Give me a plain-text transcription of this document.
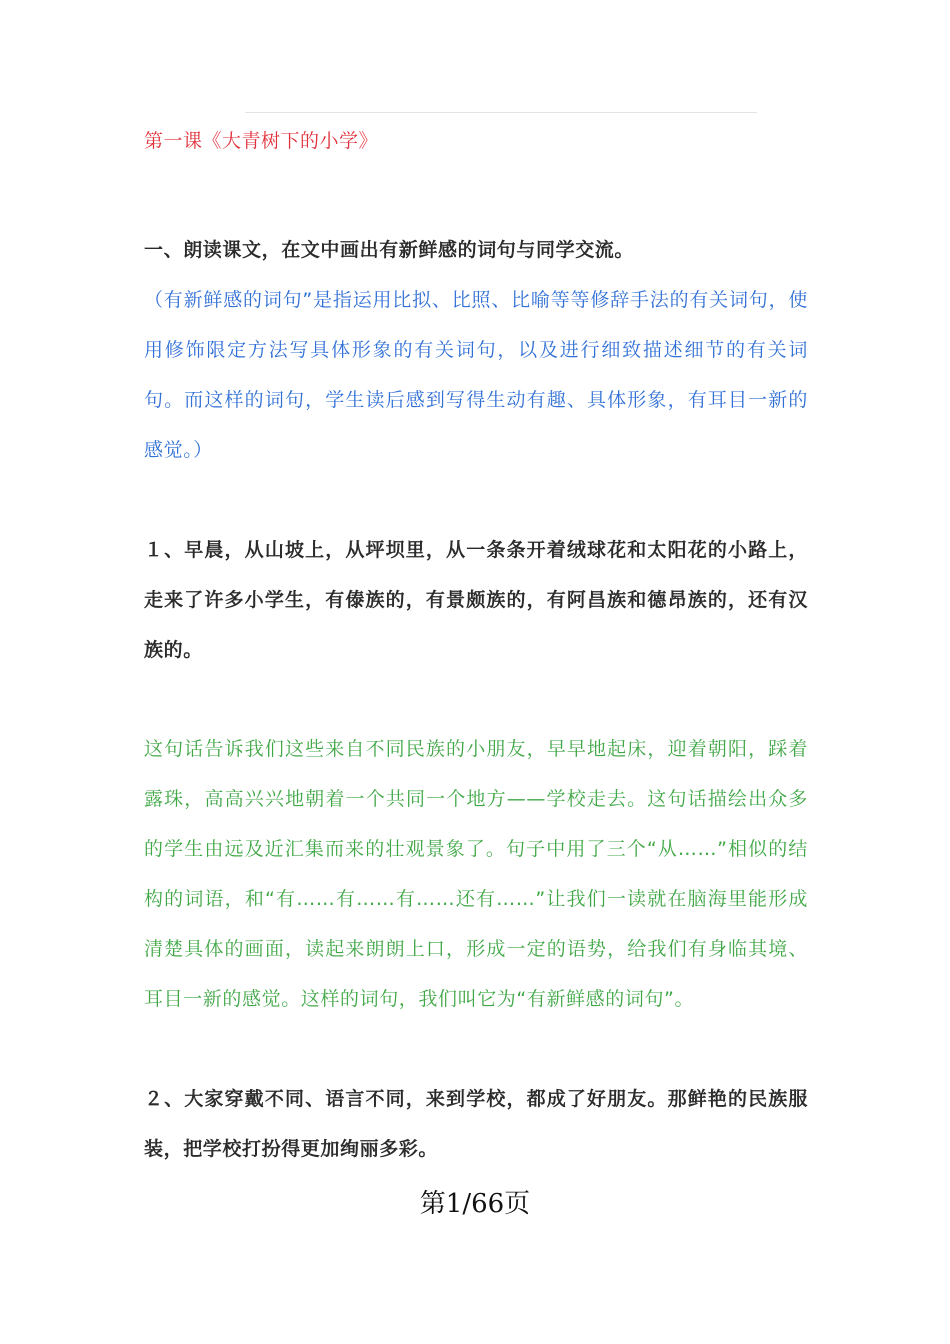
第一课《大青树下的小学》

一、朗读课文，在文中画出有新鲜感的词句与同学交流。

（有新鲜感的词句”是指运用比拟、比照、比喻等等修辞手法的有关词句，使用修饰限定方法写具体形象的有关词句，以及进行细致描述细节的有关词句。而这样的词句，学生读后感到写得生动有趣、具体形象，有耳目一新的感觉。）

１、早晨，从山坡上，从坪坝里，从一条条开着绒球花和太阳花的小路上，走来了许多小学生，有傣族的，有景颇族的，有阿昌族和德昂族的，还有汉族的。

这句话告诉我们这些来自不同民族的小朋友，早早地起床，迎着朝阳，踩着露珠，高高兴兴地朝着一个共同一个地方——学校走去。这句话描绘出众多的学生由远及近汇集而来的壮观景象了。句子中用了三个“从……”相似的结构的词语，和“有……有……有……还有……”让我们一读就在脑海里能形成清楚具体的画面，读起来朗朗上口，形成一定的语势，给我们有身临其境、耳目一新的感觉。这样的词句，我们叫它为“有新鲜感的词句”。

２、大家穿戴不同、语言不同，来到学校，都成了好朋友。那鲜艳的民族服装，把学校打扮得更加绚丽多彩。

第1/66页
